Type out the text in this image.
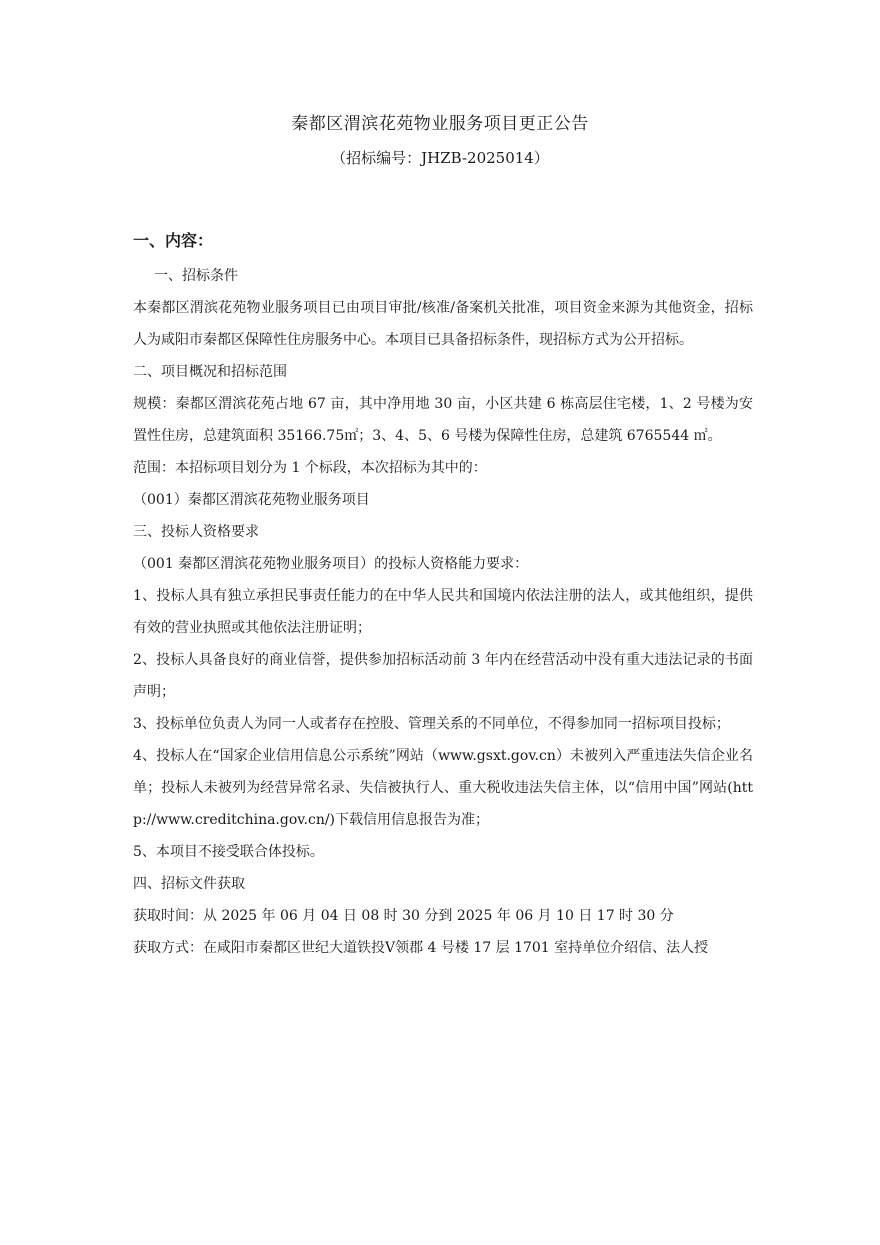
秦都区渭滨花苑物业服务项目更正公告
（招标编号：JHZB-2025014）
一、内容：

一、招标条件

本秦都区渭滨花苑物业服务项目已由项目审批/核准/备案机关批准，项目资金来源为其他资金，招标人为咸阳市秦都区保障性住房服务中心。本项目已具备招标条件，现招标方式为公开招标。

二、项目概况和招标范围

规模：秦都区渭滨花苑占地 67 亩，其中净用地 30 亩，小区共建 6 栋高层住宅楼，1、2 号楼为安置性住房，总建筑面积 35166.75㎡；3、4、5、6 号楼为保障性住房，总建筑 6765544 ㎡。

范围：本招标项目划分为 1 个标段，本次招标为其中的：

（001）秦都区渭滨花苑物业服务项目

三、投标人资格要求

（001 秦都区渭滨花苑物业服务项目）的投标人资格能力要求：

1、投标人具有独立承担民事责任能力的在中华人民共和国境内依法注册的法人，或其他组织，提供有效的营业执照或其他依法注册证明；

2、投标人具备良好的商业信誉，提供参加招标活动前 3 年内在经营活动中没有重大违法记录的书面声明；

3、投标单位负责人为同一人或者存在控股、管理关系的不同单位，不得参加同一招标项目投标；

4、投标人在“国家企业信用信息公示系统”网站（www.gsxt.gov.cn）未被列入严重违法失信企业名单；投标人未被列为经营异常名录、失信被执行人、重大税收违法失信主体，以“信用中国”网站(http://www.creditchina.gov.cn/)下载信用信息报告为准；

5、本项目不接受联合体投标。

四、招标文件获取

获取时间：从 2025 年 06 月 04 日 08 时 30 分到 2025 年 06 月 10 日 17 时 30 分

获取方式：在咸阳市秦都区世纪大道铁投Ⅴ领郡 4 号楼 17 层 1701 室持单位介绍信、法人授
